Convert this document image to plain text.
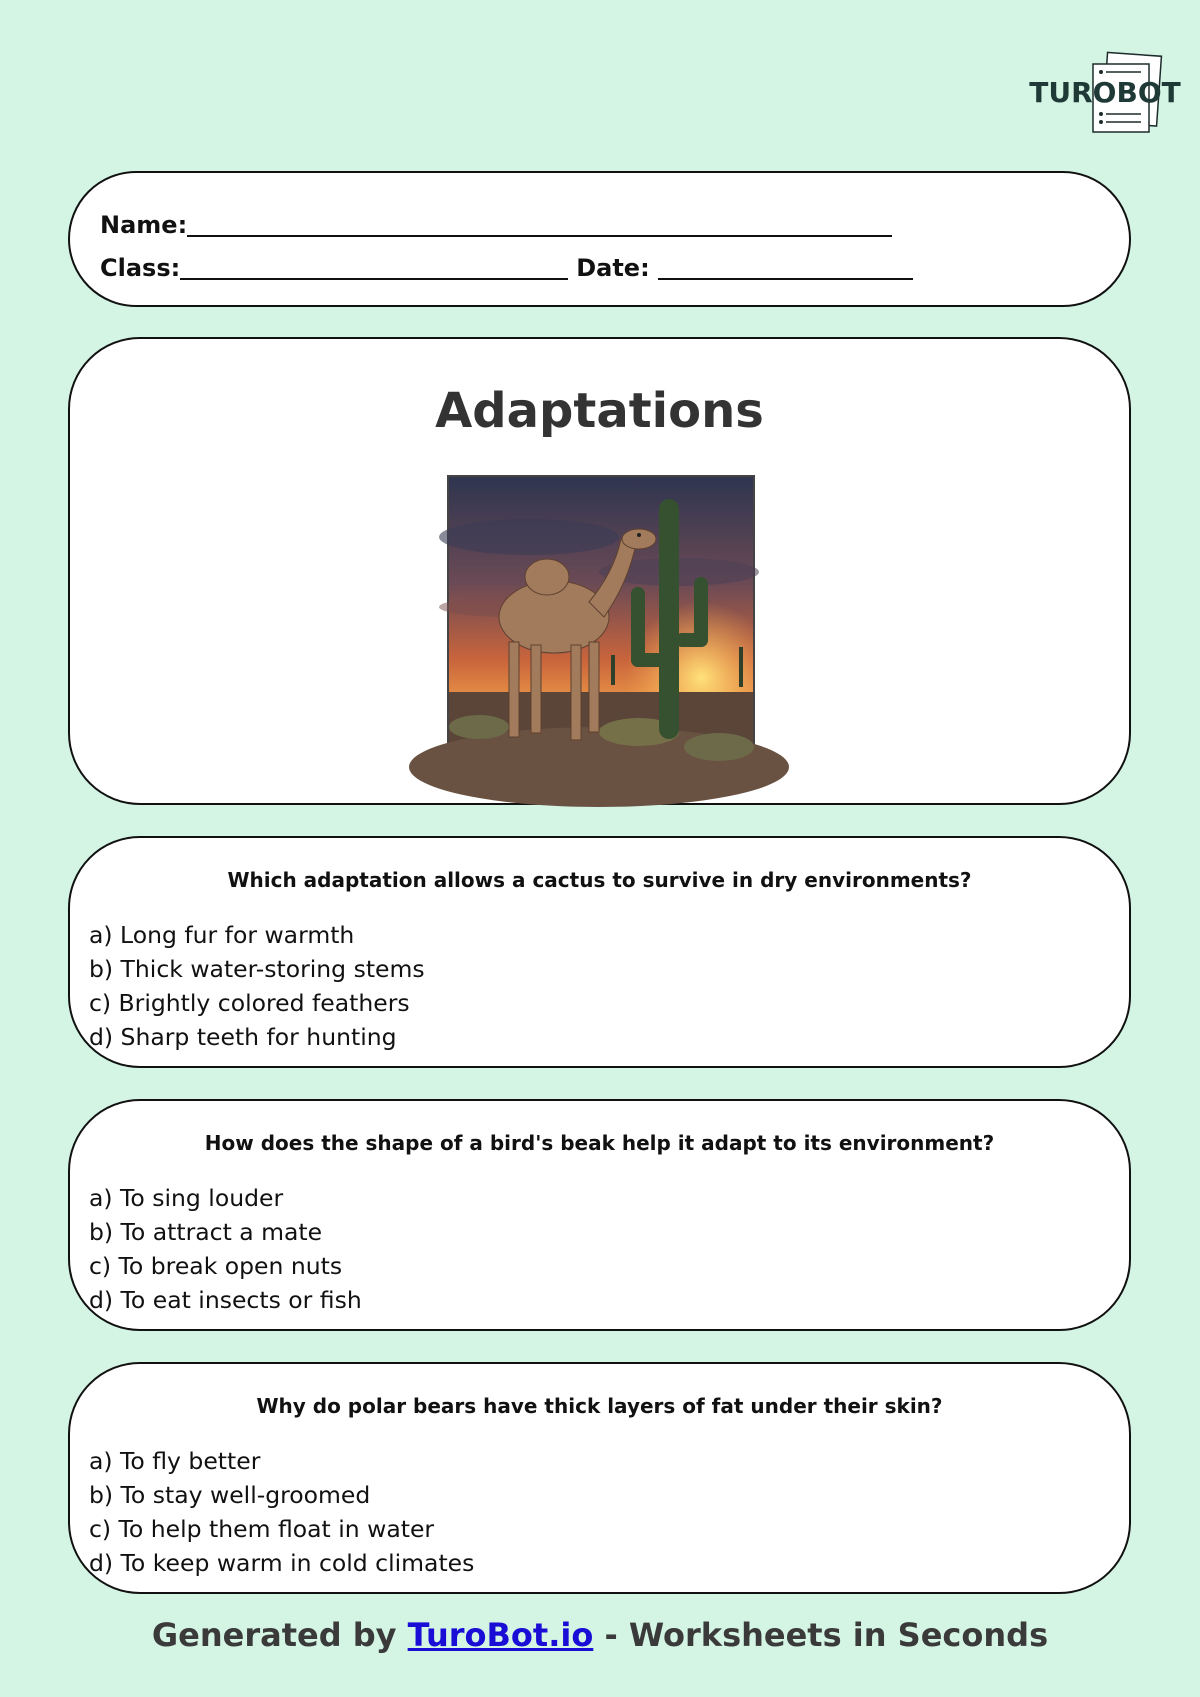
TUROBOT
Name:
Class:	Date:
Adaptations
Which adaptation allows a cactus to survive in dry environments?
a) Long fur for warmth
b) Thick water-storing stems
c) Brightly colored feathers
d) Sharp teeth for hunting
How does the shape of a bird's beak help it adapt to its environment?
a) To sing louder
b) To attract a mate
c) To break open nuts
d) To eat insects or fish
Why do polar bears have thick layers of fat under their skin?
a) To fly better
b) To stay well-groomed
c) To help them float in water
d) To keep warm in cold climates
Generated by TuroBot.io - Worksheets in Seconds
